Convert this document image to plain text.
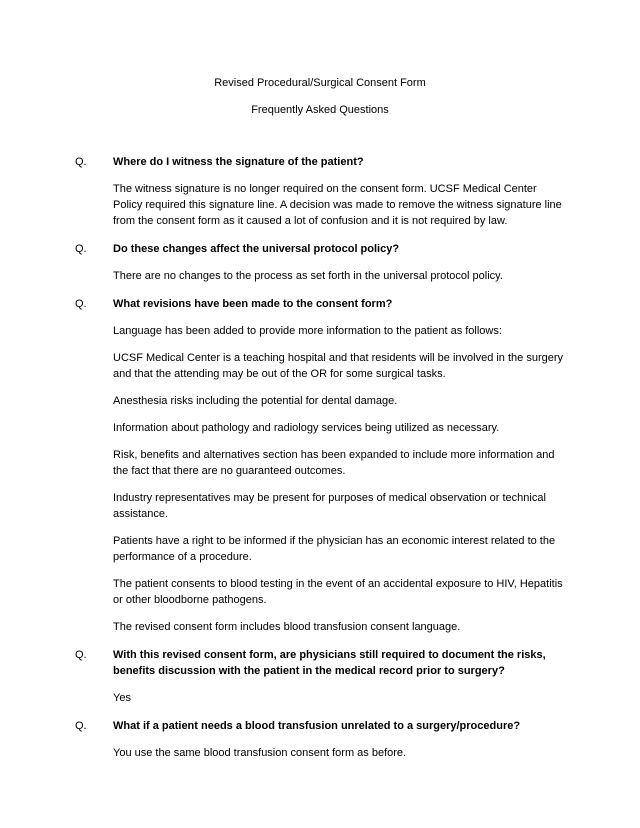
Revised Procedural/Surgical Consent Form
Frequently Asked Questions
Q. Where do I witness the signature of the patient?

The witness signature is no longer required on the consent form. UCSF Medical Center Policy required this signature line. A decision was made to remove the witness signature line from the consent form as it caused a lot of confusion and it is not required by law.

Q. Do these changes affect the universal protocol policy?

There are no changes to the process as set forth in the universal protocol policy.

Q. What revisions have been made to the consent form?

Language has been added to provide more information to the patient as follows:

UCSF Medical Center is a teaching hospital and that residents will be involved in the surgery and that the attending may be out of the OR for some surgical tasks.

Anesthesia risks including the potential for dental damage.

Information about pathology and radiology services being utilized as necessary.

Risk, benefits and alternatives section has been expanded to include more information and the fact that there are no guaranteed outcomes.

Industry representatives may be present for purposes of medical observation or technical assistance.

Patients have a right to be informed if the physician has an economic interest related to the performance of a procedure.

The patient consents to blood testing in the event of an accidental exposure to HIV, Hepatitis or other bloodborne pathogens.

The revised consent form includes blood transfusion consent language.

Q. With this revised consent form, are physicians still required to document the risks, benefits discussion with the patient in the medical record prior to surgery?

Yes

Q. What if a patient needs a blood transfusion unrelated to a surgery/procedure?

You use the same blood transfusion consent form as before.
